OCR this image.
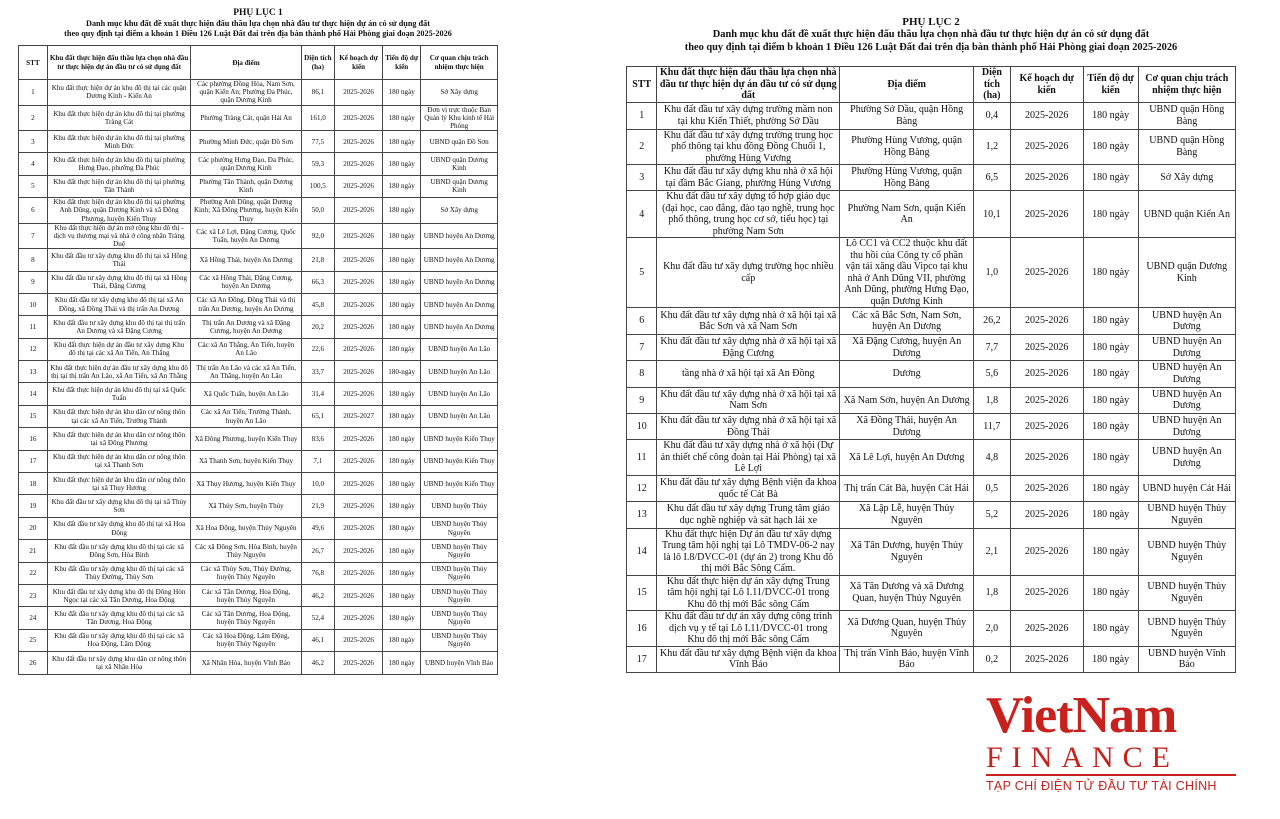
PHỤ LỤC 1
Danh mục khu đất đề xuất thực hiện đấu thầu lựa chọn nhà đầu tư thực hiện dự án có sử dụng đất
theo quy định tại điểm a khoản 1 Điều 126 Luật Đất đai trên địa bàn thành phố Hải Phòng giai đoạn 2025-2026
STT	Khu đất thực hiện đấu thầu lựa chọn nhà đầu tư thực hiện dự án đầu tư có sử dụng đất	Địa điểm	Diện tích (ha)	Kế hoạch dự kiến	Tiến độ dự kiến	Cơ quan chịu trách nhiệm thực hiện
1	Khu đất thực hiện dự án khu đô thị tại các quận Dương Kinh - Kiến An	Các phường Đồng Hòa, Nam Sơn, quận Kiến An; Phường Đa Phúc, quận Dương Kinh	86,1	2025-2026	180 ngày	Sở Xây dựng
2	Khu đất thực hiện dự án khu đô thị tại phường Tràng Cát	Phường Tràng Cát, quận Hải An	161,0	2025-2026	180 ngày	Đơn vị trực thuộc Ban Quản lý Khu kinh tế Hải Phòng
3	Khu đất thực hiện dự án khu đô thị tại phường Minh Đức	Phường Minh Đức, quận Đồ Sơn	77,5	2025-2026	180 ngày	UBND quận Đồ Sơn
4	Khu đất thực hiện dự án khu đô thị tại phường Hưng Đạo, phường Đa Phúc	Các phường Hưng Đạo, Đa Phúc, quận Dương Kinh	59,3	2025-2026	180 ngày	UBND quận Dương Kinh
5	Khu đất thực hiện dự án khu đô thị tại phường Tân Thành	Phường Tân Thành, quận Dương Kinh	100,5	2025-2026	180 ngày	UBND quận Dương Kinh
6	Khu đất thực hiện dự án khu đô thị tại phường Anh Dũng, quận Dương Kinh và xã Đông Phương, huyện Kiến Thụy	Phường Anh Dũng, quận Dương Kinh; Xã Đông Phương, huyện Kiến Thụy	50,0	2025-2026	180 ngày	Sở Xây dựng
7	Khu đất thực hiện dự án mở rộng khu đô thị - dịch vụ thương mại và nhà ở công nhân Tràng Duệ	Các xã Lê Lợi, Đặng Cương, Quốc Tuấn, huyện An Dương	92,0	2025-2026	180 ngày	UBND huyện An Dương
8	Khu đất đầu tư xây dựng khu đô thị tại xã Hồng Thái	Xã Hồng Thái, huyện An Dương	21,8	2025-2026	180 ngày	UBND huyện An Dương
9	Khu đất đầu tư xây dựng khu đô thị tại xã Hồng Thái, Đặng Cương	Các xã Hồng Thái, Đặng Cương, huyện An Dương	66,3	2025-2026	180 ngày	UBND huyện An Dương
10	Khu đất đầu tư xây dựng khu đô thị tại xã An Đồng, xã Đồng Thái và thị trấn An Dương	Các xã An Đồng, Đồng Thái và thị trấn An Dương, huyện An Dương	45,8	2025-2026	180 ngày	UBND huyện An Dương
11	Khu đất đầu tư xây dựng khu đô thị tại thị trấn An Dương và xã Đặng Cương	Thị trấn An Dương và xã Đặng Cương, huyện An Dương	20,2	2025-2026	180 ngày	UBND huyện An Dương
12	Khu đất thực hiện dự án đầu tư xây dựng Khu đô thị tại các xã An Tiến, An Thắng	Các xã An Thắng, An Tiến, huyện An Lão	22,6	2025-2026	180 ngày	UBND huyện An Lão
13	Khu đất thực hiện dự án đầu tư xây dựng khu đô thị tại thị trấn An Lão, xã An Tiến, xã An Thắng	Thị trấn An Lão và các xã An Tiến, An Thắng, huyện An Lão	33,7	2025-2026	180-ngày	UBND huyện An Lão
14	Khu đất thực hiện dự án khu đô thị tại xã Quốc Tuấn	Xã Quốc Tuấn, huyện An Lão	31,4	2025-2026	180 ngày	UBND huyện An Lão
15	Khu đất thực hiện dự án khu dân cư nông thôn tại các xã An Tiến, Trường Thành	Các xã An Tiến, Trường Thành, huyện An Lão	65,1	2025-2027	180 ngày	UBND huyện An Lão
16	Khu đất thực hiện dự án khu dân cư nông thôn tại xã Đông Phương	Xã Đông Phương, huyện Kiến Thụy	83,6	2025-2026	180 ngày	UBND huyện Kiến Thụy
17	Khu đất thực hiện dự án khu dân cư nông thôn tại xã Thanh Sơn	Xã Thanh Sơn, huyện Kiến Thụy	7,1	2025-2026	180 ngày	UBND huyện Kiến Thụy
18	Khu đất thực hiện dự án khu dân cư nông thôn tại xã Thụy Hương	Xã Thụy Hương, huyện Kiến Thụy	10,0	2025-2026	180 ngày	UBND huyện Kiến Thụy
19	Khu đất đầu tư xây dựng khu đô thị tại xã Thủy Sơn	Xã Thủy Sơn, huyện Thủy	21,9	2025-2026	180 ngày	UBND huyện Thủy
20	Khu đất đầu tư xây dựng khu đô thị tại xã Hoa Động	Xã Hoa Động, huyện Thủy Nguyên	49,6	2025-2026	180 ngày	UBND huyện Thủy Nguyên
21	Khu đất đầu tư xây dựng khu đô thị tại các xã Đông Sơn, Hòa Bình	Các xã Đông Sơn, Hòa Bình, huyện Thủy Nguyên	26,7	2025-2026	180 ngày	UBND huyện Thủy Nguyên
22	Khu đất đầu tư xây dựng khu đô thị tại các xã Thủy Đường, Thủy Sơn	Các xã Thủy Sơn, Thủy Đường, huyện Thủy Nguyên	76,8	2025-2026	180 ngày	UBND huyện Thủy Nguyên
23	Khu đất đầu tư xây dựng khu đô thị Đông Hòn Ngọc tại các xã Tân Dương, Hoa Động	Các xã Tân Dương, Hoa Động, huyện Thủy Nguyên	46,2	2025-2026	180 ngày	UBND huyện Thủy Nguyên
24	Khu đất đầu tư xây dựng khu đô thị tại các xã Tân Dương, Hoa Động	Các xã Tân Dương, Hoa Động, huyện Thủy Nguyên	52,4	2025-2026	180 ngày	UBND huyện Thủy Nguyên
25	Khu đất đầu tư xây dựng khu đô thị tại các xã Hoa Động, Lâm Động	Các xã Hoa Động, Lâm Động, huyện Thủy Nguyên	46,1	2025-2026	180 ngày	UBND huyện Thủy Nguyên
26	Khu đất đầu tư xây dựng khu dân cư nông thôn tại xã Nhân Hòa	Xã Nhân Hòa, huyện Vĩnh Bảo	46,2	2025-2026	180 ngày	UBND huyện Vĩnh Bảo
PHỤ LỤC 2
Danh mục khu đất đề xuất thực hiện đấu thầu lựa chọn nhà đầu tư thực hiện dự án có sử dụng đất
theo quy định tại điểm b khoản 1 Điều 126 Luật Đất đai trên địa bàn thành phố Hải Phòng giai đoạn 2025-2026
STT	Khu đất thực hiện đấu thầu lựa chọn nhà đầu tư thực hiện dự án đầu tư có sử dụng đất	Địa điểm	Diện tích (ha)	Kế hoạch dự kiến	Tiến độ dự kiến	Cơ quan chịu trách nhiệm thực hiện
1	Khu đất đầu tư xây dựng trường mầm non tại khu Kiến Thiết, phường Sở Dầu	Phường Sở Dầu, quận Hồng Bàng	0,4	2025-2026	180 ngày	UBND quận Hồng Bàng
2	Khu đất đầu tư xây dựng trường trung học phổ thông tại khu đồng Đồng Chuối 1, phường Hùng Vương	Phường Hùng Vương, quận Hồng Bàng	1,2	2025-2026	180 ngày	UBND quận Hồng Bàng
3	Khu đất đầu tư xây dựng khu nhà ở xã hội tại đầm Bắc Giang, phường Hùng Vương	Phường Hùng Vương, quận Hồng Bàng	6,5	2025-2026	180 ngày	Sở Xây dựng
4	Khu đất đầu tư xây dựng tổ hợp giáo dục (đại học, cao đẳng, đào tạo nghề, trung học phổ thông, trung học cơ sở, tiểu học) tại phường Nam Sơn	Phường Nam Sơn, quận Kiến An	10,1	2025-2026	180 ngày	UBND quận Kiến An
5	Khu đất đầu tư xây dựng trường học nhiều cấp	Lô CC1 và CC2 thuộc khu đất thu hồi của Công ty cổ phần vận tải xăng dầu Vipco tại khu nhà ở Anh Dũng VII, phường Anh Dũng, phường Hưng Đạo, quận Dương Kinh	1,0	2025-2026	180 ngày	UBND quận Dương Kinh
6	Khu đất đầu tư xây dựng nhà ở xã hội tại xã Bắc Sơn và xã Nam Sơn	Các xã Bắc Sơn, Nam Sơn, huyện An Dương	26,2	2025-2026	180 ngày	UBND huyện An Dương
7	Khu đất đầu tư xây dựng nhà ở xã hội tại xã Đặng Cương	Xã Đặng Cương, huyện An Dương	7,7	2025-2026	180 ngày	UBND huyện An Dương
8	tầng nhà ở xã hội tại xã An Đồng	Dương	5,6	2025-2026	180 ngày	UBND huyện An Dương
9	Khu đất đầu tư xây dựng nhà ở xã hội tại xã Nam Sơn	Xã Nam Sơn, huyện An Dương	1,8	2025-2026	180 ngày	UBND huyện An Dương
10	Khu đất đầu tư xây dựng nhà ở xã hội tại xã Đồng Thái	Xã Đồng Thái, huyện An Dương	11,7	2025-2026	180 ngày	UBND huyện An Dương
11	Khu đất đầu tư xây dựng nhà ở xã hội (Dự án thiết chế công đoàn tại Hải Phòng) tại xã Lê Lợi	Xã Lê Lợi, huyện An Dương	4,8	2025-2026	180 ngày	UBND huyện An Dương
12	Khu đất đầu tư xây dựng Bệnh viện đa khoa quốc tế Cát Bà	Thị trấn Cát Bà, huyện Cát Hải	0,5	2025-2026	180 ngày	UBND huyện Cát Hải
13	Khu đất đầu tư xây dựng Trung tâm giáo dục nghề nghiệp và sát hạch lái xe	Xã Lập Lễ, huyện Thủy Nguyên	5,2	2025-2026	180 ngày	UBND huyện Thủy Nguyên
14	Khu đất thực hiện Dự án đầu tư xây dựng Trung tâm hội nghị tại Lô TMDV-06-2 nay là lô I.8/DVCC-01 (dự án 2) trong Khu đô thị mới Bắc Sông Cấm.	Xã Tân Dương, huyện Thủy Nguyên	2,1	2025-2026	180 ngày	UBND huyện Thủy Nguyên
15	Khu đất thực hiện dự án xây dựng Trung tâm hội nghị tại Lô I.11/DVCC-01 trong Khu đô thị mới Bắc sông Cấm	Xã Tân Dương và xã Dương Quan, huyện Thủy Nguyên	1,8	2025-2026	180 ngày	UBND huyện Thủy Nguyên
16	Khu đất đầu tư dự án xây dựng công trình dịch vụ y tế tại Lô I.11/DVCC-01 trong Khu đô thị mới Bắc sông Cấm	Xã Dương Quan, huyện Thủy Nguyên	2,0	2025-2026	180 ngày	UBND huyện Thủy Nguyên
17	Khu đất đầu tư xây dựng Bệnh viện đa khoa Vĩnh Bảo	Thị trấn Vĩnh Bảo, huyện Vĩnh Bảo	0,2	2025-2026	180 ngày	UBND huyện Vĩnh Bảo
VietNam
FINANCE
TẠP CHÍ ĐIỆN TỬ ĐẦU TƯ TÀI CHÍNH
